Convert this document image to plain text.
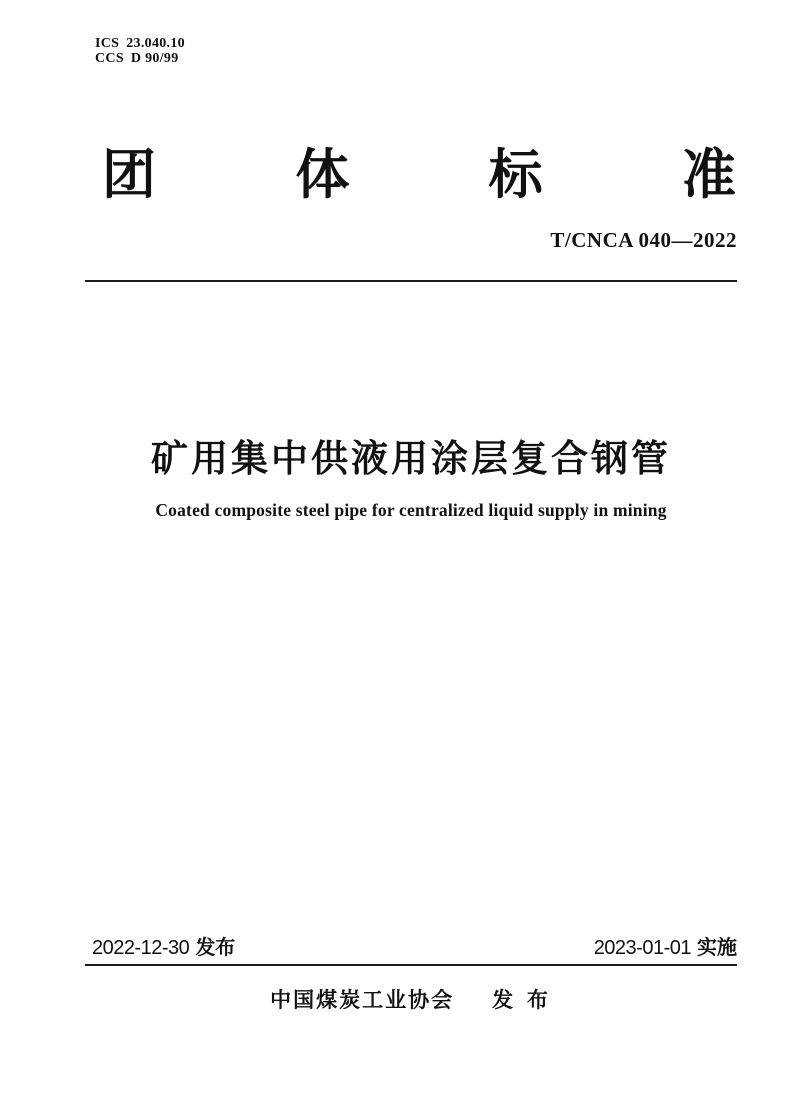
ICS 23.040.10
CCS D 90/99
团	体	标	准
T/CNCA 040—2022
矿用集中供液用涂层复合钢管
Coated composite steel pipe for centralized liquid supply in mining
2022-12-30 发布	2023-01-01 实施
中国煤炭工业协会 发 布
